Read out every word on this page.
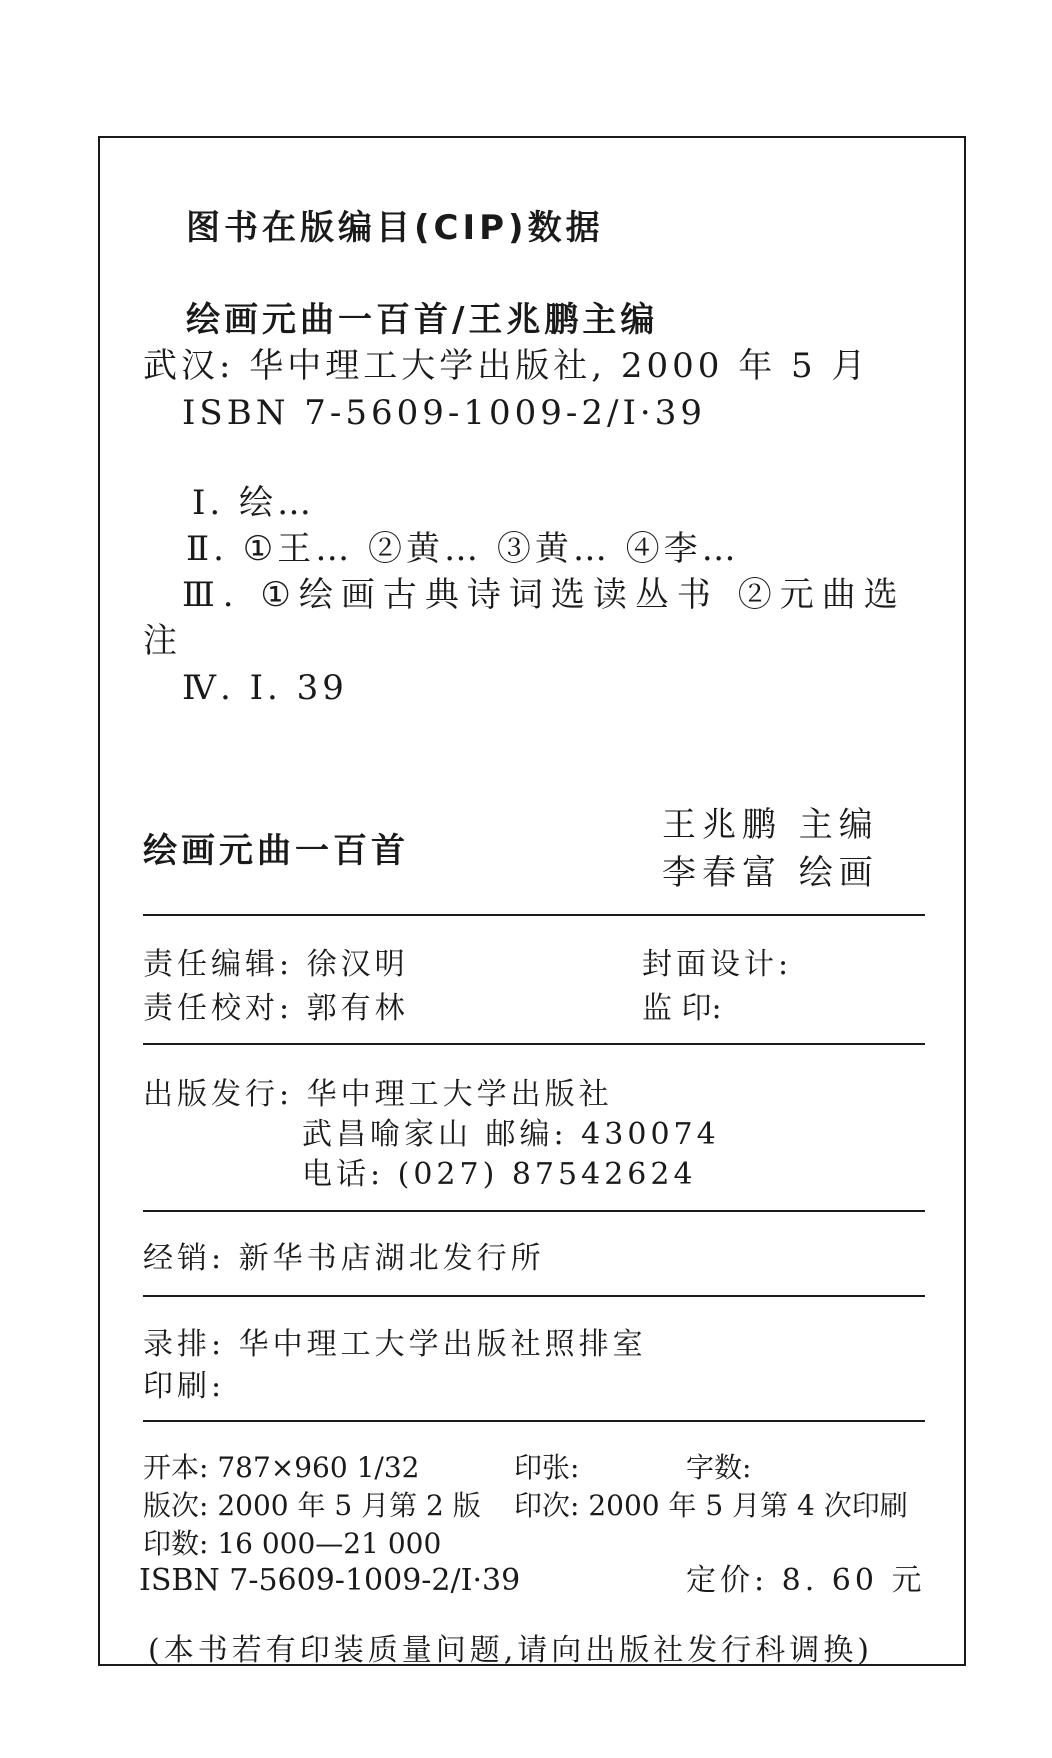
图书在版编目(CIP)数据
绘画元曲一百首/王兆鹏主编
武汉: 华中理工大学出版社, 2000 年 5 月
ISBN 7-5609-1009-2/I·39
Ⅰ. 绘…
Ⅱ. ①王… ②黄… ③黄… ④李…
Ⅲ. ①绘画古典诗词选读丛书 ②元曲选
注
Ⅳ. I. 39
绘画元曲一百首
王兆鹏 主编
李春富 绘画
责任编辑: 徐汉明
责任校对: 郭有林
封面设计:
监 印:
出版发行: 华中理工大学出版社
武昌喻家山 邮编: 430074
电话: (027) 87542624
经销: 新华书店湖北发行所
录排: 华中理工大学出版社照排室
印刷:
开本: 787×960 1/32	印张:	字数:
版次: 2000 年 5 月第 2 版 印次: 2000 年 5 月第 4 次印刷
印数: 16 000—21 000
ISBN 7-5609-1009-2/I·39	定价: 8. 60 元
(本书若有印装质量问题,请向出版社发行科调换)
